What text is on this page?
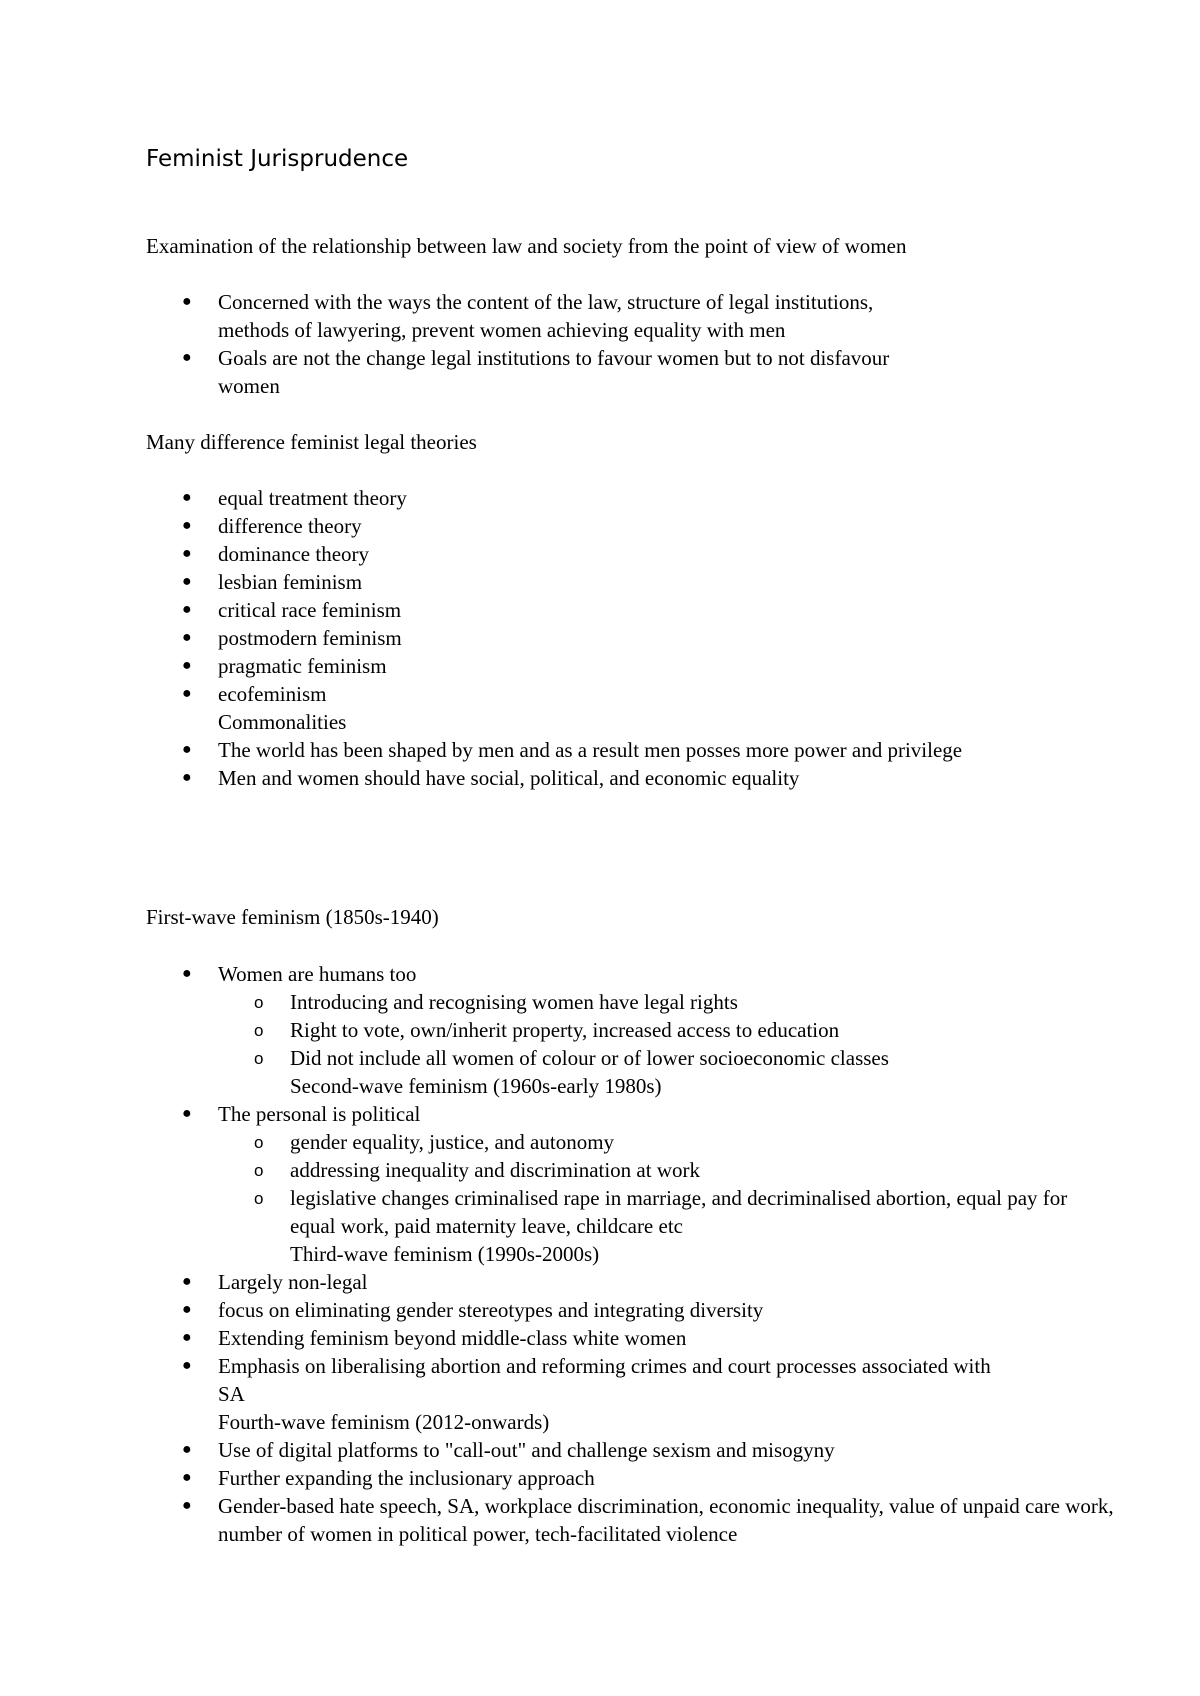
Feminist Jurisprudence

Examination of the relationship between law and society from the point of view of women

● Concerned with the ways the content of the law, structure of legal institutions, methods of lawyering, prevent women achieving equality with men
● Goals are not the change legal institutions to favour women but to not disfavour women

Many difference feminist legal theories

● equal treatment theory
● difference theory
● dominance theory
● lesbian feminism
● critical race feminism
● postmodern feminism
● pragmatic feminism
● ecofeminism
Commonalities
● The world has been shaped by men and as a result men posses more power and privilege
● Men and women should have social, political, and economic equality

First-wave feminism (1850s-1940)

● Women are humans too
o Introducing and recognising women have legal rights
o Right to vote, own/inherit property, increased access to education
o Did not include all women of colour or of lower socioeconomic classes
Second-wave feminism (1960s-early 1980s)
● The personal is political
o gender equality, justice, and autonomy
o addressing inequality and discrimination at work
o legislative changes criminalised rape in marriage, and decriminalised abortion, equal pay for equal work, paid maternity leave, childcare etc
Third-wave feminism (1990s-2000s)
● Largely non-legal
● focus on eliminating gender stereotypes and integrating diversity
● Extending feminism beyond middle-class white women
● Emphasis on liberalising abortion and reforming crimes and court processes associated with SA
Fourth-wave feminism (2012-onwards)
● Use of digital platforms to "call-out" and challenge sexism and misogyny
● Further expanding the inclusionary approach
● Gender-based hate speech, SA, workplace discrimination, economic inequality, value of unpaid care work, number of women in political power, tech-facilitated violence
